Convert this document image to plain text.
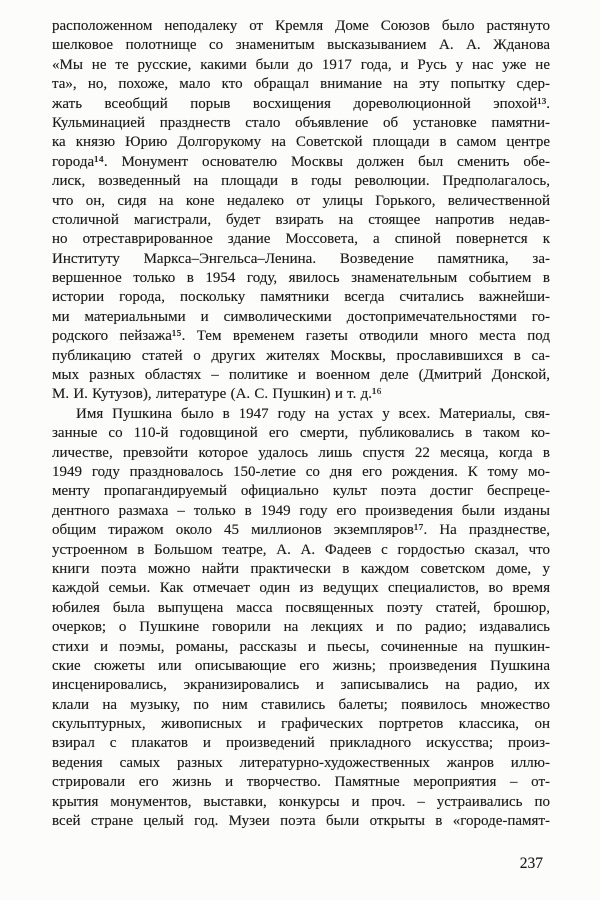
расположенном неподалеку от Кремля Доме Союзов было растянуто
шелковое полотнище со знаменитым высказыванием А. А. Жданова
«Мы не те русские, какими были до 1917 года, и Русь у нас уже не
та», но, похоже, мало кто обращал внимание на эту попытку сдер-
жать всеобщий порыв восхищения дореволюционной эпохой¹³.
Кульминацией празднеств стало объявление об установке памятни-
ка князю Юрию Долгорукому на Советской площади в самом центре
города¹⁴. Монумент основателю Москвы должен был сменить обе-
лиск, возведенный на площади в годы революции. Предполагалось,
что он, сидя на коне недалеко от улицы Горького, величественной
столичной магистрали, будет взирать на стоящее напротив недав-
но отреставрированное здание Моссовета, а спиной повернется к
Институту Маркса–Энгельса–Ленина. Возведение памятника, за-
вершенное только в 1954 году, явилось знаменательным событием в
истории города, поскольку памятники всегда считались важнейши-
ми материальными и символическими достопримечательностями го-
родского пейзажа¹⁵. Тем временем газеты отводили много места под
публикацию статей о других жителях Москвы, прославившихся в са-
мых разных областях – политике и военном деле (Дмитрий Донской,
М. И. Кутузов), литературе (А. С. Пушкин) и т. д.¹⁶
Имя Пушкина было в 1947 году на устах у всех. Материалы, свя-
занные со 110-й годовщиной его смерти, публиковались в таком ко-
личестве, превзойти которое удалось лишь спустя 22 месяца, когда в
1949 году праздновалось 150-летие со дня его рождения. К тому мо-
менту пропагандируемый официально культ поэта достиг беспреце-
дентного размаха – только в 1949 году его произведения были изданы
общим тиражом около 45 миллионов экземпляров¹⁷. На празднестве,
устроенном в Большом театре, А. А. Фадеев с гордостью сказал, что
книги поэта можно найти практически в каждом советском доме, у
каждой семьи. Как отмечает один из ведущих специалистов, во время
юбилея была выпущена масса посвященных поэту статей, брошюр,
очерков; о Пушкине говорили на лекциях и по радио; издавались
стихи и поэмы, романы, рассказы и пьесы, сочиненные на пушкин-
ские сюжеты или описывающие его жизнь; произведения Пушкина
инсценировались, экранизировались и записывались на радио, их
клали на музыку, по ним ставились балеты; появилось множество
скульптурных, живописных и графических портретов классика, он
взирал с плакатов и произведений прикладного искусства; произ-
ведения самых разных литературно-художественных жанров иллю-
стрировали его жизнь и творчество. Памятные мероприятия – от-
крытия монументов, выставки, конкурсы и проч. – устраивались по
всей стране целый год. Музеи поэта были открыты в «городе-памят-
237
